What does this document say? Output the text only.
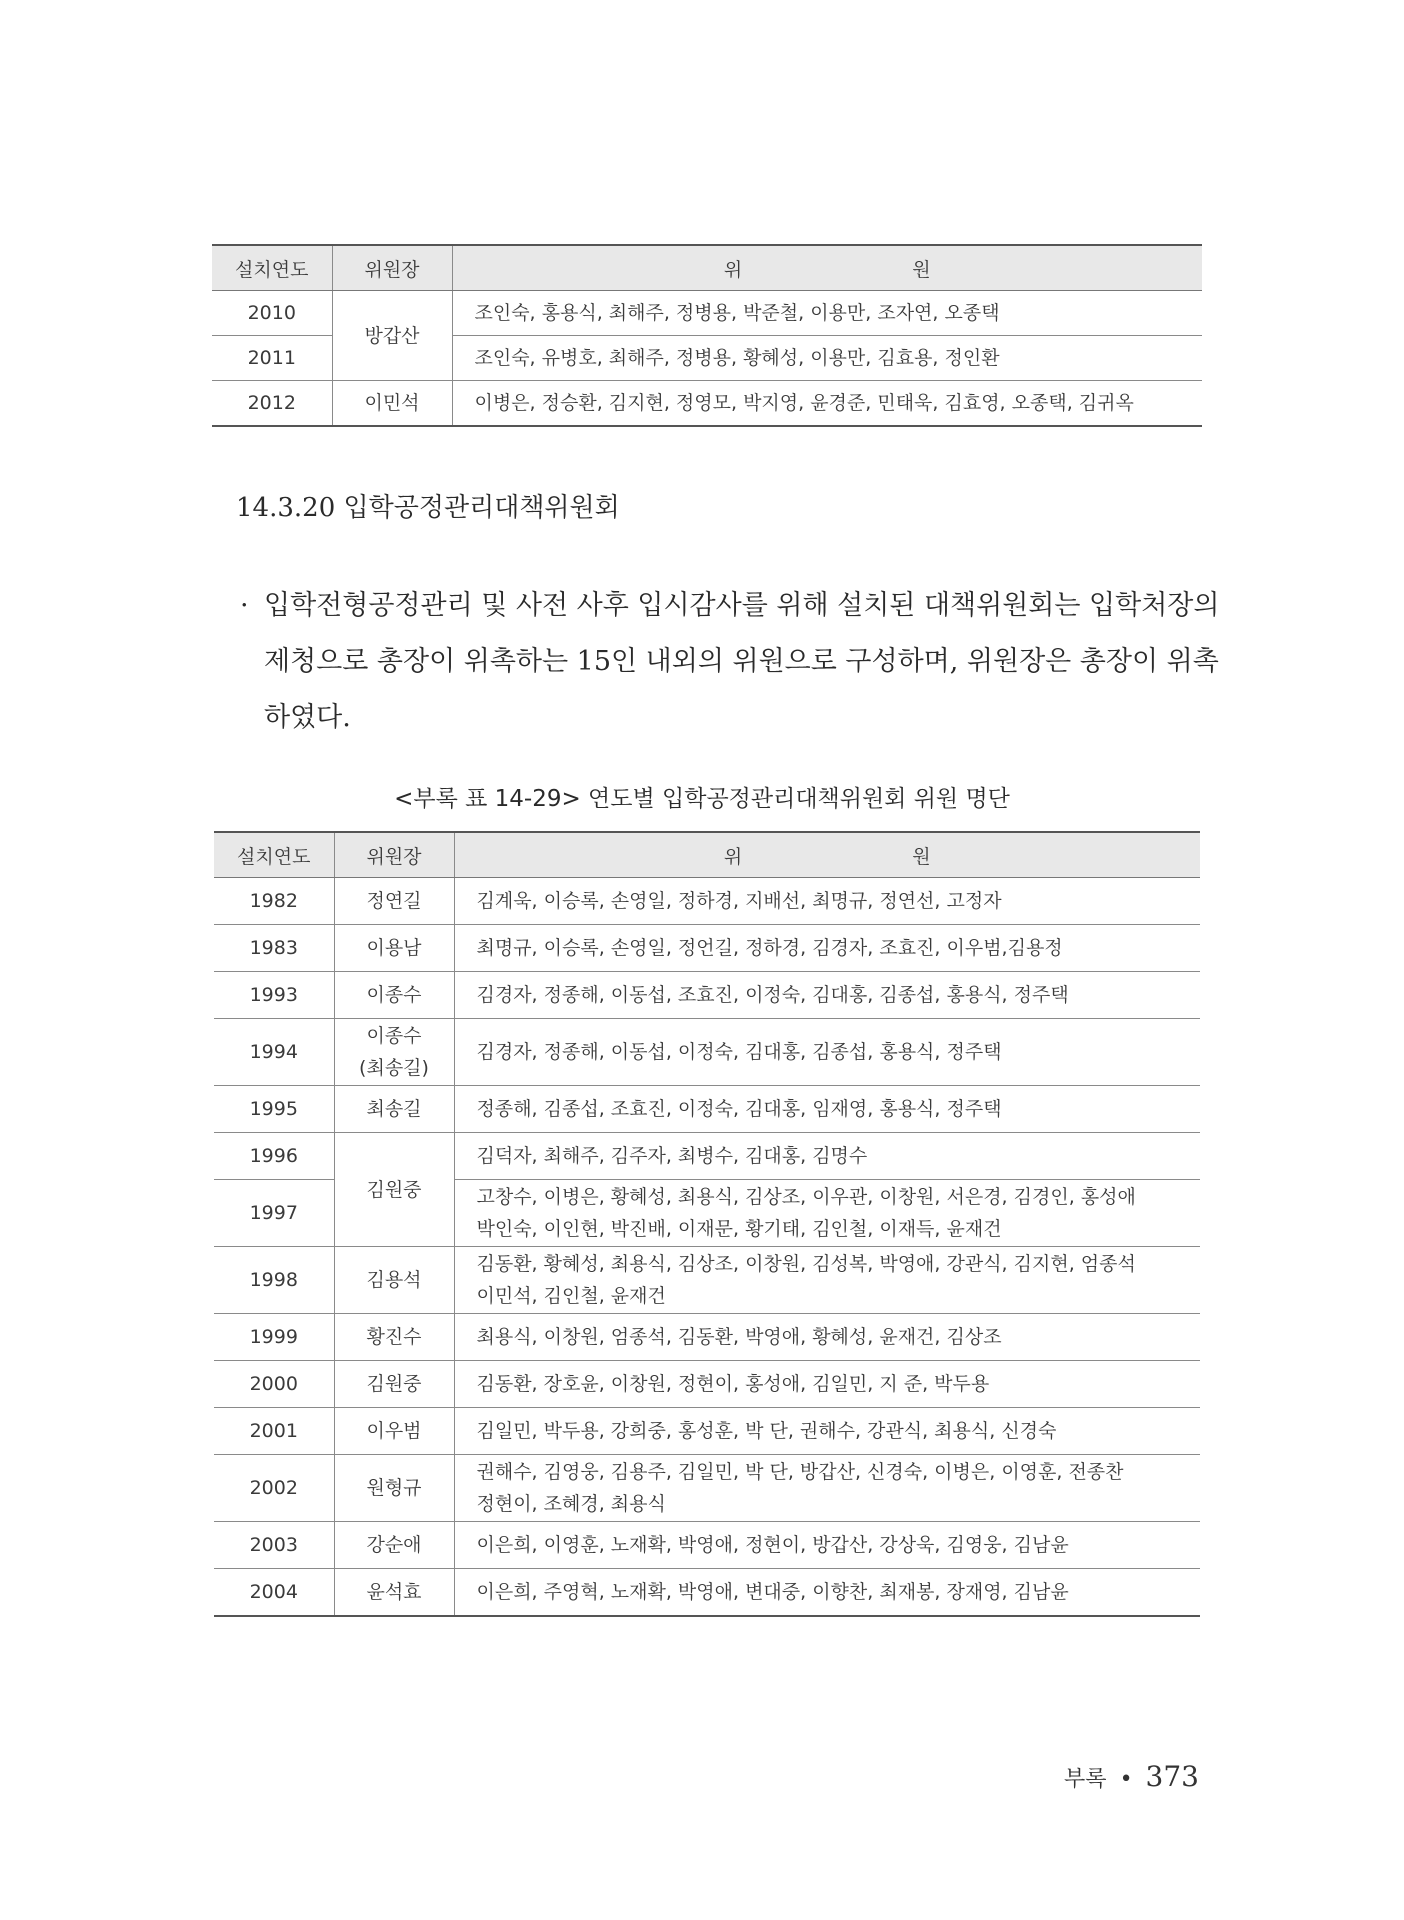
설치연도	위원장	위 원
2010	방갑산	조인숙, 홍용식, 최해주, 정병용, 박준철, 이용만, 조자연, 오종택
2011		조인숙, 유병호, 최해주, 정병용, 황혜성, 이용만, 김효용, 정인환
2012	이민석	이병은, 정승환, 김지현, 정영모, 박지영, 윤경준, 민태욱, 김효영, 오종택, 김귀옥
14.3.20 입학공정관리대책위원회
· 입학전형공정관리 및 사전 사후 입시감사를 위해 설치된 대책위원회는 입학처장의
제청으로 총장이 위촉하는 15인 내외의 위원으로 구성하며, 위원장은 총장이 위촉
하였다.
<부록 표 14-29> 연도별 입학공정관리대책위원회 위원 명단
설치연도	위원장	위 원
1982	정연길	김계욱, 이승록, 손영일, 정하경, 지배선, 최명규, 정연선, 고정자

1983	이용남	최명규, 이승록, 손영일, 정언길, 정하경, 김경자, 조효진, 이우범,김용정

1993	이종수	김경자, 정종해, 이동섭, 조효진, 이정숙, 김대홍, 김종섭, 홍용식, 정주택

1994	이종수
(최송길)	김경자, 정종해, 이동섭, 이정숙, 김대홍, 김종섭, 홍용식, 정주택

1995	최송길	정종해, 김종섭, 조효진, 이정숙, 김대홍, 임재영, 홍용식, 정주택

1996	김원중	김덕자, 최해주, 김주자, 최병수, 김대홍, 김명수

1997		고창수, 이병은, 황혜성, 최용식, 김상조, 이우관, 이창원, 서은경, 김경인, 홍성애
박인숙, 이인현, 박진배, 이재문, 황기태, 김인철, 이재득, 윤재건

1998	김용석	김동환, 황혜성, 최용식, 김상조, 이창원, 김성복, 박영애, 강관식, 김지현, 엄종석
이민석, 김인철, 윤재건

1999	황진수	최용식, 이창원, 엄종석, 김동환, 박영애, 황혜성, 윤재건, 김상조

2000	김원중	김동환, 장호윤, 이창원, 정현이, 홍성애, 김일민, 지 준, 박두용

2001	이우범	김일민, 박두용, 강희중, 홍성훈, 박 단, 권해수, 강관식, 최용식, 신경숙

2002	원형규	권해수, 김영웅, 김용주, 김일민, 박 단, 방갑산, 신경숙, 이병은, 이영훈, 전종찬
정현이, 조혜경, 최용식

2003	강순애	이은희, 이영훈, 노재확, 박영애, 정현이, 방갑산, 강상욱, 김영웅, 김남윤

2004	윤석효	이은희, 주영혁, 노재확, 박영애, 변대중, 이향찬, 최재봉, 장재영, 김남윤
부록 • 373
